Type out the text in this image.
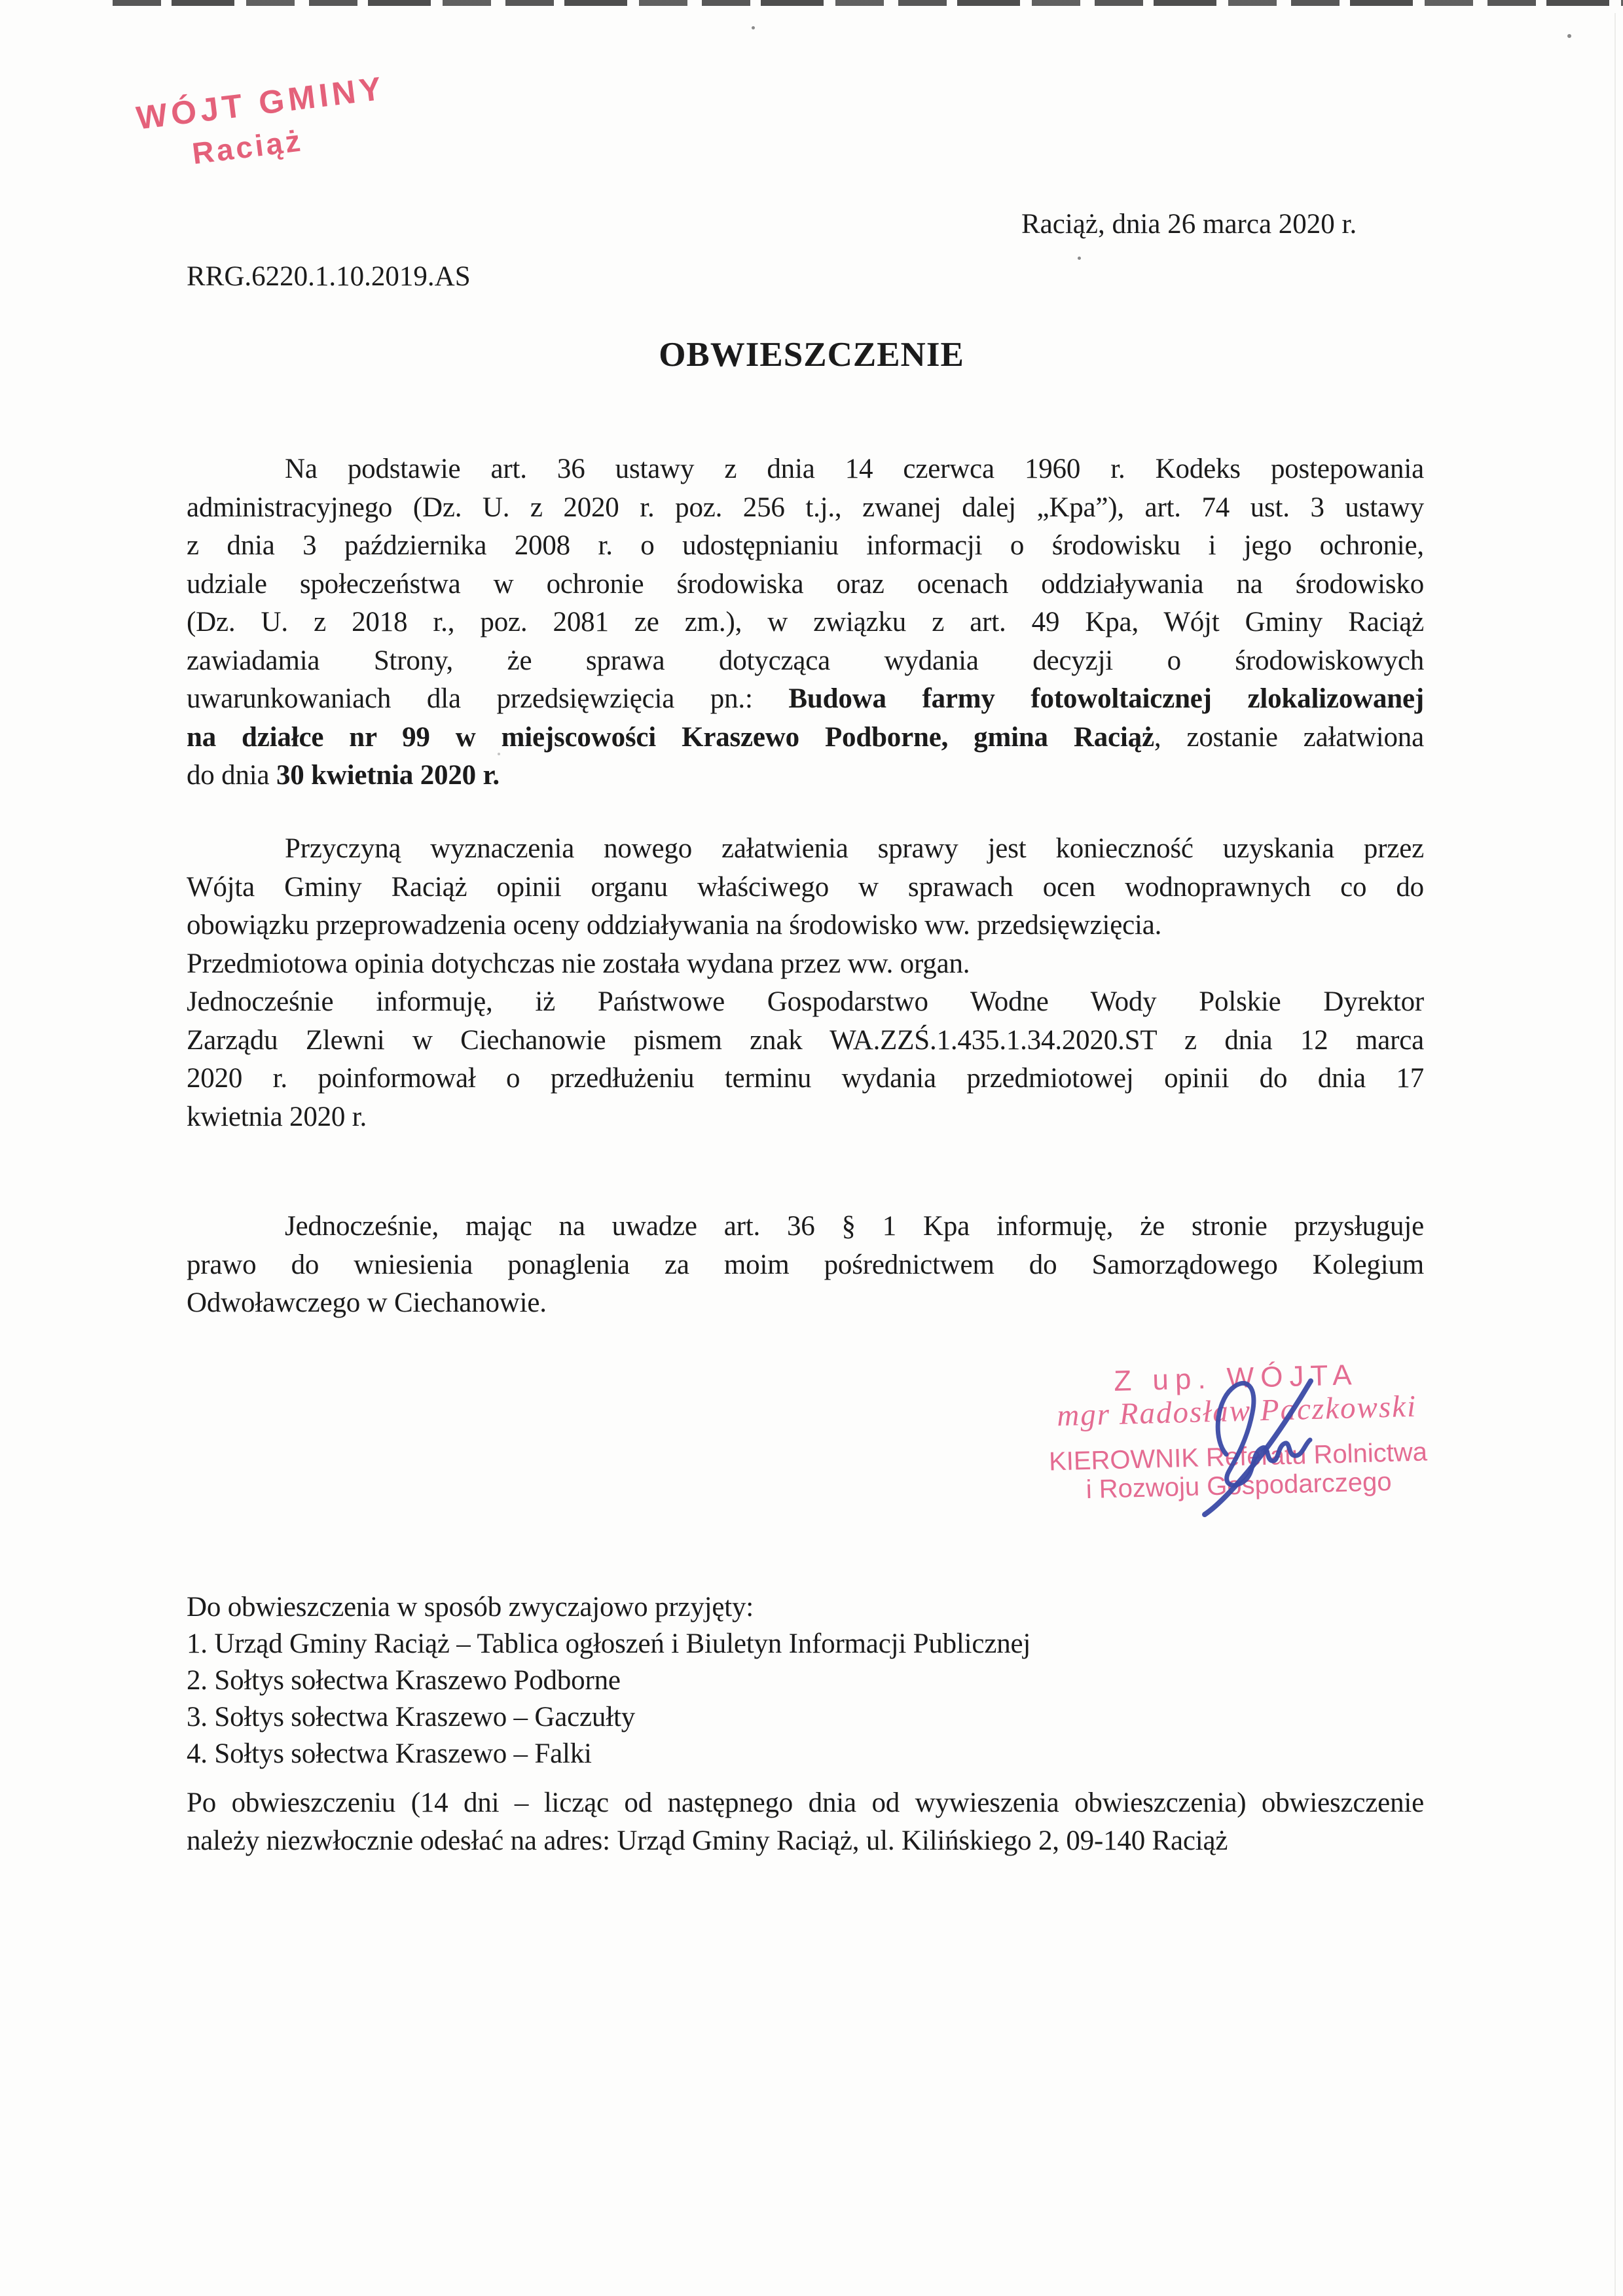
WÓJT GMINY
Raciąż
Raciąż, dnia 26 marca 2020 r.
RRG.6220.1.10.2019.AS
OBWIESZCZENIE
Na podstawie art. 36 ustawy z dnia 14 czerwca 1960 r. Kodeks postepowania
administracyjnego (Dz. U. z 2020 r. poz. 256 t.j., zwanej dalej „Kpa”), art. 74 ust. 3 ustawy
z dnia 3 października 2008 r. o udostępnianiu informacji o środowisku i jego ochronie,
udziale społeczeństwa w ochronie środowiska oraz ocenach oddziaływania na środowisko
(Dz. U. z 2018 r., poz. 2081 ze zm.), w związku z art. 49 Kpa, Wójt Gminy Raciąż
zawiadamia Strony, że sprawa dotycząca wydania decyzji o środowiskowych
uwarunkowaniach dla przedsięwzięcia pn.: Budowa farmy fotowoltaicznej zlokalizowanej
na działce nr 99 w miejscowości Kraszewo Podborne, gmina Raciąż, zostanie załatwiona
do dnia 30 kwietnia 2020 r.
Przyczyną wyznaczenia nowego załatwienia sprawy jest konieczność uzyskania przez
Wójta Gminy Raciąż opinii organu właściwego w sprawach ocen wodnoprawnych co do
obowiązku przeprowadzenia oceny oddziaływania na środowisko ww. przedsięwzięcia.
Przedmiotowa opinia dotychczas nie została wydana przez ww. organ.
Jednocześnie informuję, iż Państwowe Gospodarstwo Wodne Wody Polskie Dyrektor
Zarządu Zlewni w Ciechanowie pismem znak WA.ZZŚ.1.435.1.34.2020.ST z dnia 12 marca
2020 r. poinformował o przedłużeniu terminu wydania przedmiotowej opinii do dnia 17
kwietnia 2020 r.
Jednocześnie, mając na uwadze art. 36 § 1 Kpa informuję, że stronie przysługuje
prawo do wniesienia ponaglenia za moim pośrednictwem do Samorządowego Kolegium
Odwoławczego w Ciechanowie.
Z up. WÓJTA
mgr Radosław Paczkowski
KIEROWNIK Referatu Rolnictwa
i Rozwoju Gospodarczego
Do obwieszczenia w sposób zwyczajowo przyjęty:
1. Urząd Gminy Raciąż – Tablica ogłoszeń i Biuletyn Informacji Publicznej
2. Sołtys sołectwa Kraszewo Podborne
3. Sołtys sołectwa Kraszewo – Gaczułty
4. Sołtys sołectwa Kraszewo – Falki
Po obwieszczeniu (14 dni – licząc od następnego dnia od wywieszenia obwieszczenia) obwieszczenie
należy niezwłocznie odesłać na adres: Urząd Gminy Raciąż, ul. Kilińskiego 2, 09-140 Raciąż
